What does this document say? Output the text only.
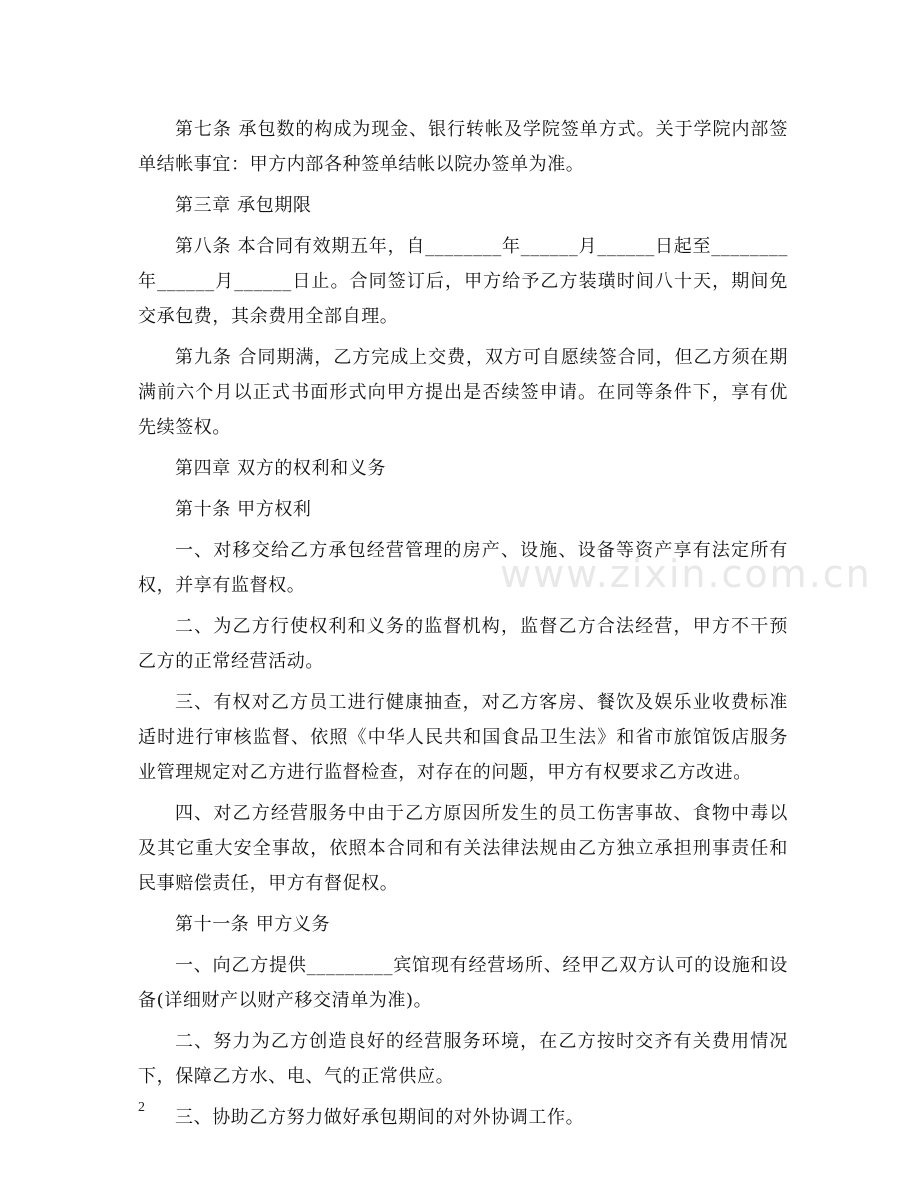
www.zixin.com.cn

第七条 承包数的构成为现金、银行转帐及学院签单方式。关于学院内部签单结帐事宜：甲方内部各种签单结帐以院办签单为准。

第三章 承包期限

第八条 本合同有效期五年，自________年______月______日起至________年______月______日止。合同签订后，甲方给予乙方装璜时间八十天，期间免交承包费，其余费用全部自理。

第九条 合同期满，乙方完成上交费，双方可自愿续签合同，但乙方须在期满前六个月以正式书面形式向甲方提出是否续签申请。在同等条件下，享有优先续签权。

第四章 双方的权利和义务

第十条 甲方权利

一、对移交给乙方承包经营管理的房产、设施、设备等资产享有法定所有权，并享有监督权。

二、为乙方行使权利和义务的监督机构，监督乙方合法经营，甲方不干预乙方的正常经营活动。

三、有权对乙方员工进行健康抽查，对乙方客房、餐饮及娱乐业收费标准适时进行审核监督、依照《中华人民共和国食品卫生法》和省市旅馆饭店服务业管理规定对乙方进行监督检查，对存在的问题，甲方有权要求乙方改进。

四、对乙方经营服务中由于乙方原因所发生的员工伤害事故、食物中毒以及其它重大安全事故，依照本合同和有关法律法规由乙方独立承担刑事责任和民事赔偿责任，甲方有督促权。

第十一条 甲方义务

一、向乙方提供_________宾馆现有经营场所、经甲乙双方认可的设施和设备(详细财产以财产移交清单为准)。

二、努力为乙方创造良好的经营服务环境，在乙方按时交齐有关费用情况下，保障乙方水、电、气的正常供应。

三、协助乙方努力做好承包期间的对外协调工作。

2
